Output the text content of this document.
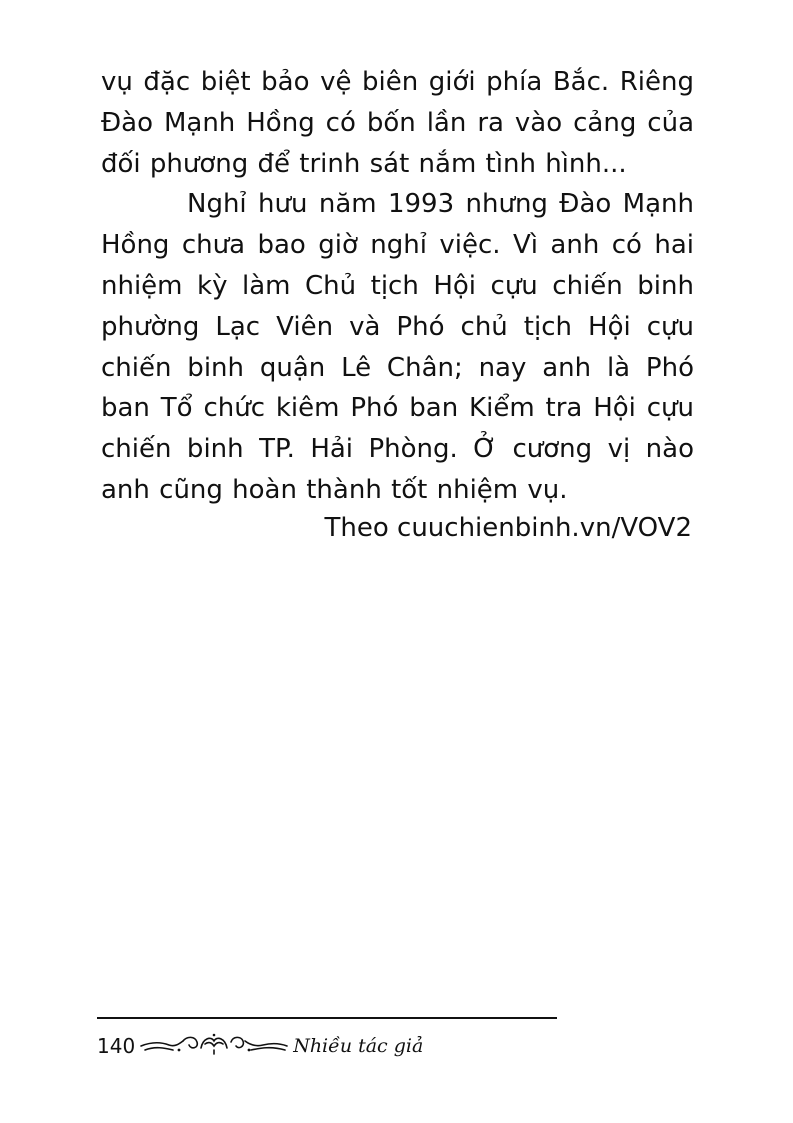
vụ đặc biệt bảo vệ biên giới phía Bắc. Riêng Đào Mạnh Hồng có bốn lần ra vào cảng của đối phương để trinh sát nắm tình hình...

Nghỉ hưu năm 1993 nhưng Đào Mạnh Hồng chưa bao giờ nghỉ việc. Vì anh có hai nhiệm kỳ làm Chủ tịch Hội cựu chiến binh phường Lạc Viên và Phó chủ tịch Hội cựu chiến binh quận Lê Chân; nay anh là Phó ban Tổ chức kiêm Phó ban Kiểm tra Hội cựu chiến binh TP. Hải Phòng. Ở cương vị nào anh cũng hoàn thành tốt nhiệm vụ.

Theo cuuchienbinh.vn/VOV2
140	Nhiều tác giả
